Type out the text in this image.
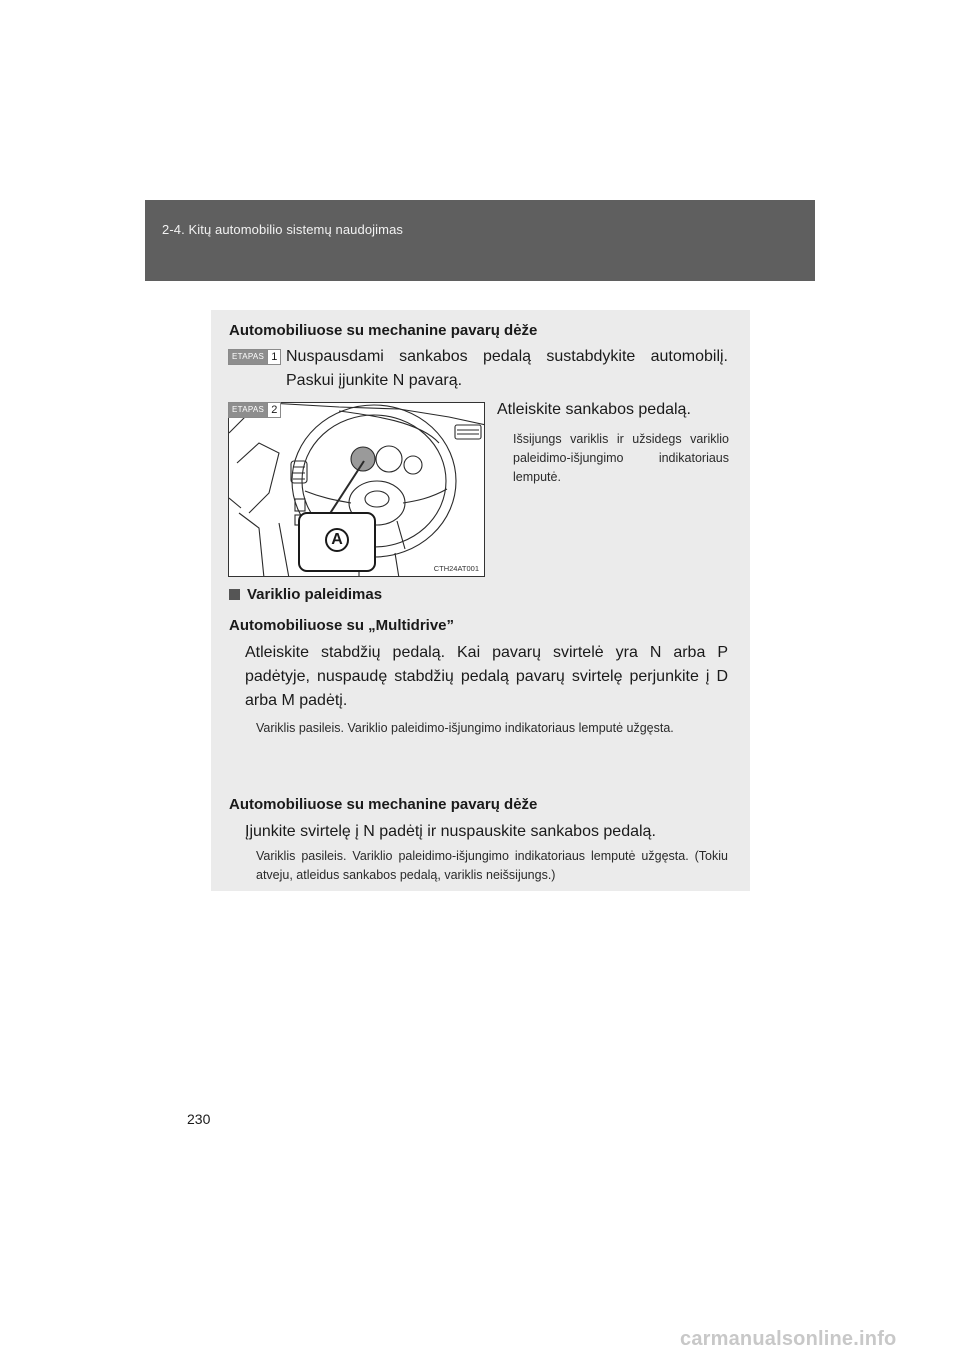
2-4. Kitų automobilio sistemų naudojimas
Automobiliuose su mechanine pavarų dėže
ETAPAS 1 Nuspausdami sankabos pedalą sustabdykite automobilį. Paskui įjunkite N pavarą.
A
CTH24AT001
ETAPAS 2	Atleiskite sankabos pedalą.
Išsijungs variklis ir užsidegs variklio paleidimo-išjungimo indikatoriaus lemputė.
Variklio paleidimas
Automobiliuose su „Multidrive”
Atleiskite stabdžių pedalą. Kai pavarų svirtelė yra N arba P padėtyje, nuspaudę stabdžių pedalą pavarų svirtelę perjunkite į D arba M padėtį.
Variklis pasileis. Variklio paleidimo-išjungimo indikatoriaus lemputė užgęsta.
Automobiliuose su mechanine pavarų dėže
Įjunkite svirtelę į N padėtį ir nuspauskite sankabos pedalą.
Variklis pasileis. Variklio paleidimo-išjungimo indikatoriaus lemputė užgęsta. (Tokiu atveju, atleidus sankabos pedalą, variklis neišsijungs.)
230
carmanualsonline.info
